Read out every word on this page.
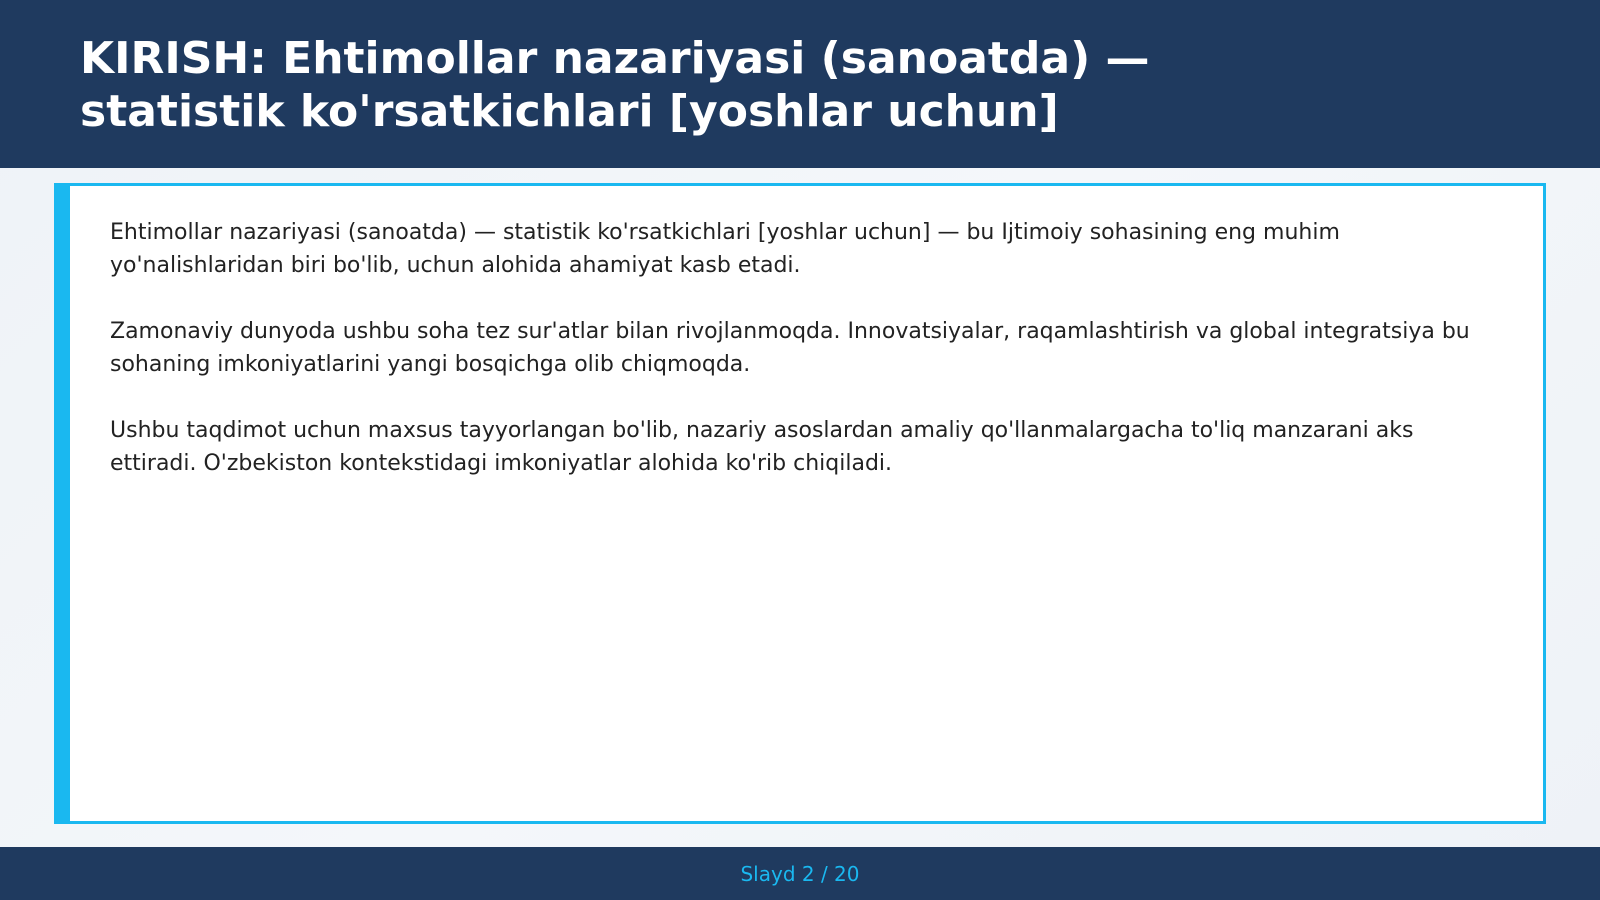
KIRISH: Ehtimollar nazariyasi (sanoatda) — statistik ko'rsatkichlari [yoshlar uchun]

Ehtimollar nazariyasi (sanoatda) — statistik ko'rsatkichlari [yoshlar uchun] — bu Ijtimoiy sohasining eng muhim yo'nalishlaridan biri bo'lib, uchun alohida ahamiyat kasb etadi.

Zamonaviy dunyoda ushbu soha tez sur'atlar bilan rivojlanmoqda. Innovatsiyalar, raqamlashtirish va global integratsiya bu sohaning imkoniyatlarini yangi bosqichga olib chiqmoqda.

Ushbu taqdimot uchun maxsus tayyorlangan bo'lib, nazariy asoslardan amaliy qo'llanmalargacha to'liq manzarani aks ettiradi. O'zbekiston kontekstidagi imkoniyatlar alohida ko'rib chiqiladi.

Slayd 2 / 20
